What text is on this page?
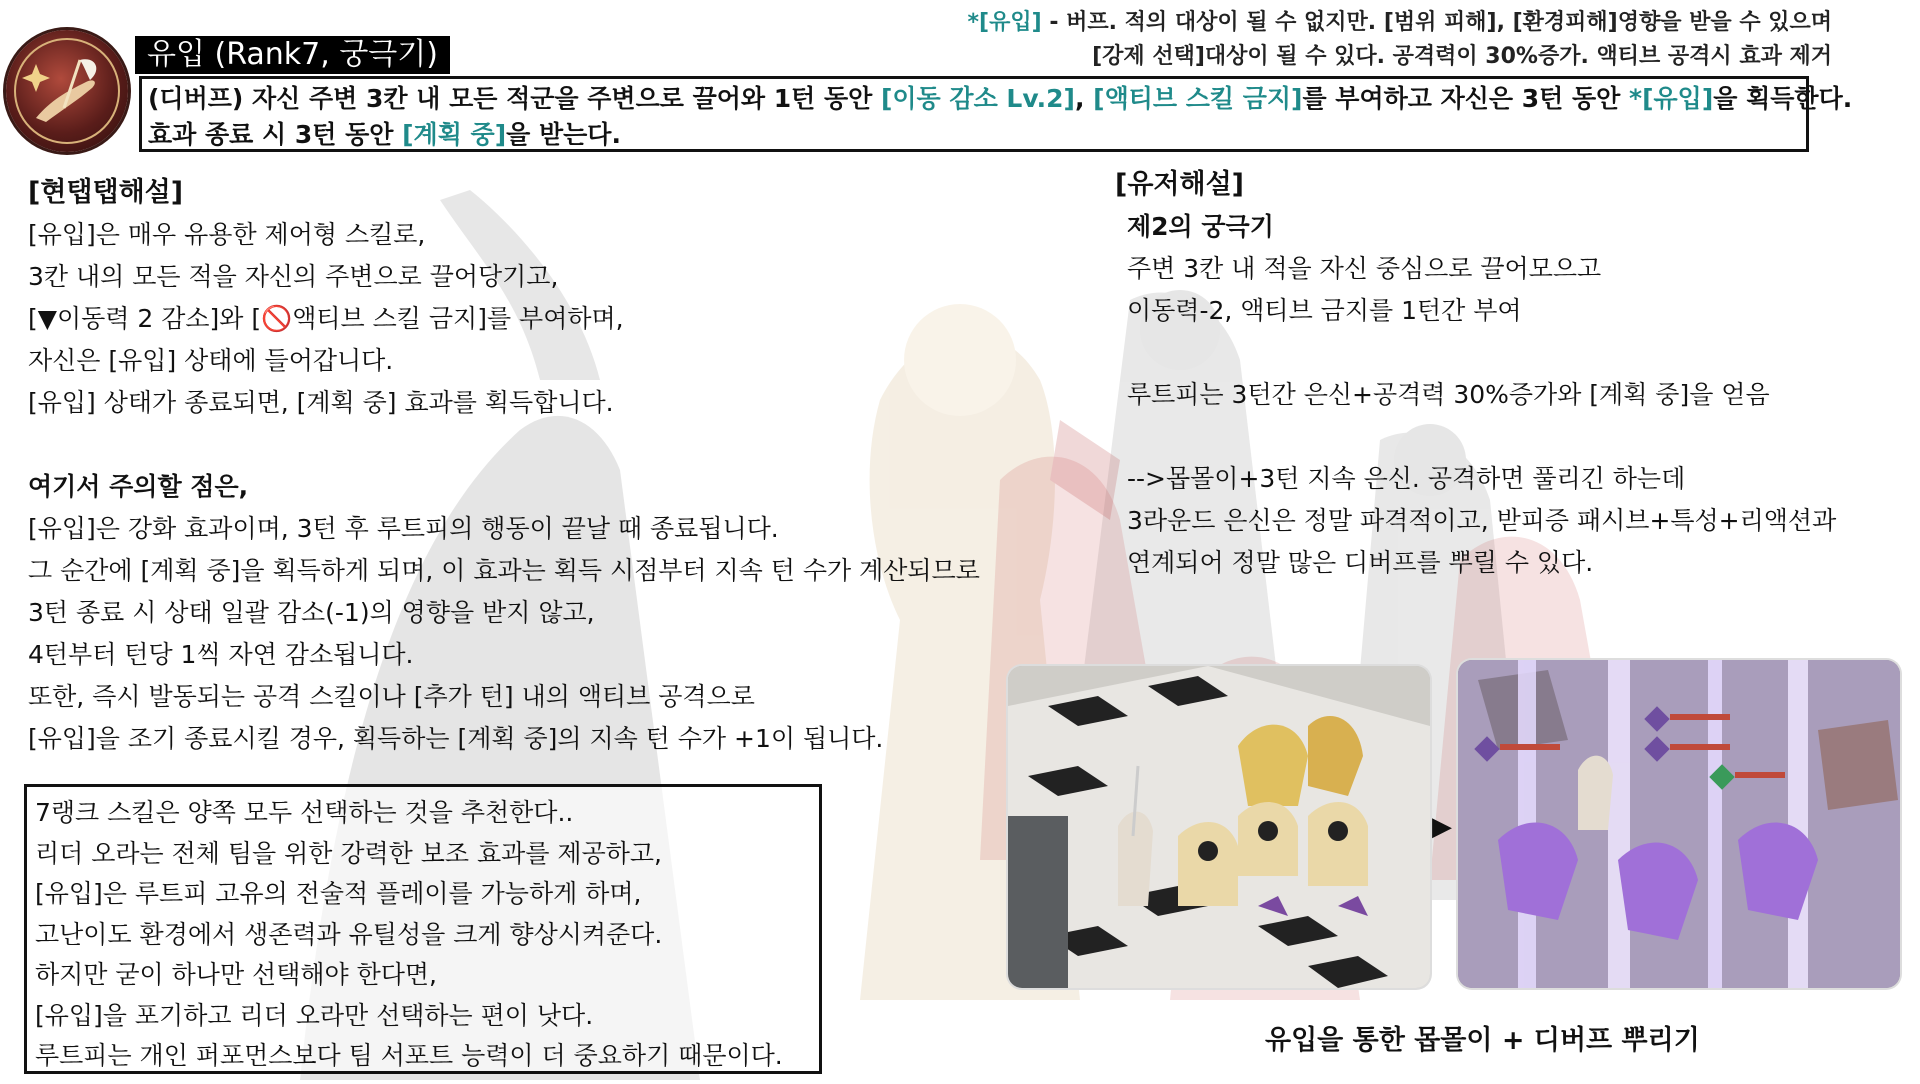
유입 (Rank7, 궁극기)
*[유입] - 버프. 적의 대상이 될 수 없지만. [범위 피해], [환경피해]영향을 받을 수 있으며
[강제 선택]대상이 될 수 있다. 공격력이 30%증가. 액티브 공격시 효과 제거
(디버프) 자신 주변 3칸 내 모든 적군을 주변으로 끌어와 1턴 동안 [이동 감소 Lv.2], [액티브 스킬 금지]를 부여하고 자신은 3턴 동안 *[유입]을 획득한다.
효과 종료 시 3턴 동안 [계획 중]을 받는다.
[현탭탭해설]
[유입]은 매우 유용한 제어형 스킬로,
3칸 내의 모든 적을 자신의 주변으로 끌어당기고,
[▼이동력 2 감소]와 [🚫액티브 스킬 금지]를 부여하며,
자신은 [유입] 상태에 들어갑니다.
[유입] 상태가 종료되면, [계획 중] 효과를 획득합니다.

여기서 주의할 점은,
[유입]은 강화 효과이며, 3턴 후 루트피의 행동이 끝날 때 종료됩니다.
그 순간에 [계획 중]을 획득하게 되며, 이 효과는 획득 시점부터 지속 턴 수가 계산되므로
3턴 종료 시 상태 일괄 감소(-1)의 영향을 받지 않고,
4턴부터 턴당 1씩 자연 감소됩니다.
또한, 즉시 발동되는 공격 스킬이나 [추가 턴] 내의 액티브 공격으로
[유입]을 조기 종료시킬 경우, 획득하는 [계획 중]의 지속 턴 수가 +1이 됩니다.
7랭크 스킬은 양쪽 모두 선택하는 것을 추천한다..
리더 오라는 전체 팀을 위한 강력한 보조 효과를 제공하고,
[유입]은 루트피 고유의 전술적 플레이를 가능하게 하며,
고난이도 환경에서 생존력과 유틸성을 크게 향상시켜준다.
하지만 굳이 하나만 선택해야 한다면,
[유입]을 포기하고 리더 오라만 선택하는 편이 낫다.
루트피는 개인 퍼포먼스보다 팀 서포트 능력이 더 중요하기 때문이다.
[유저해설]
제2의 궁극기
주변 3칸 내 적을 자신 중심으로 끌어모으고
이동력-2, 액티브 금지를 1턴간 부여

루트피는 3턴간 은신+공격력 30%증가와 [계획 중]을 얻음

-->몹몰이+3턴 지속 은신. 공격하면 풀리긴 하는데
3라운드 은신은 정말 파격적이고, 받피증 패시브+특성+리액션과
연계되어 정말 많은 디버프를 뿌릴 수 있다.
▶
유입을 통한 몹몰이 + 디버프 뿌리기
